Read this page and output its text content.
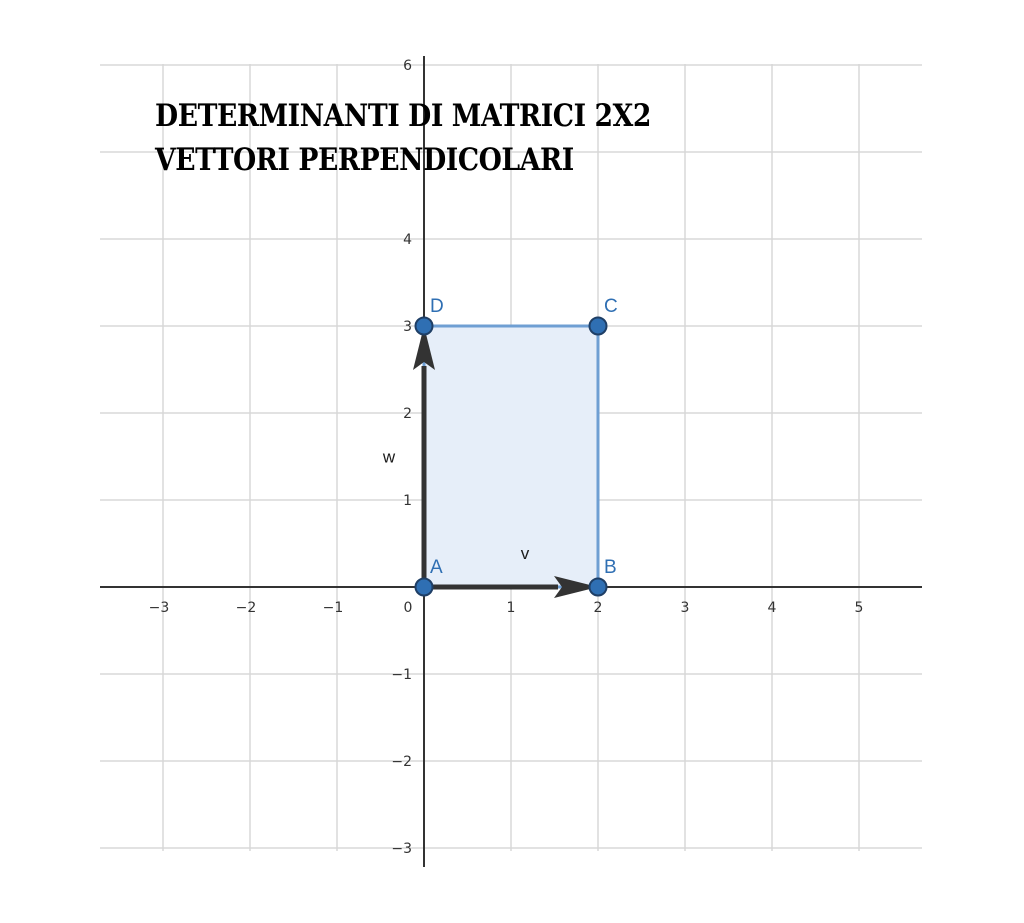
−3	−2	−1	0	1	2	3	4	5
6
4
3
2
1
−1
−2
−3
v
w
A	B
C
D
DETERMINANTI DI MATRICI 2X2
VETTORI PERPENDICOLARI
